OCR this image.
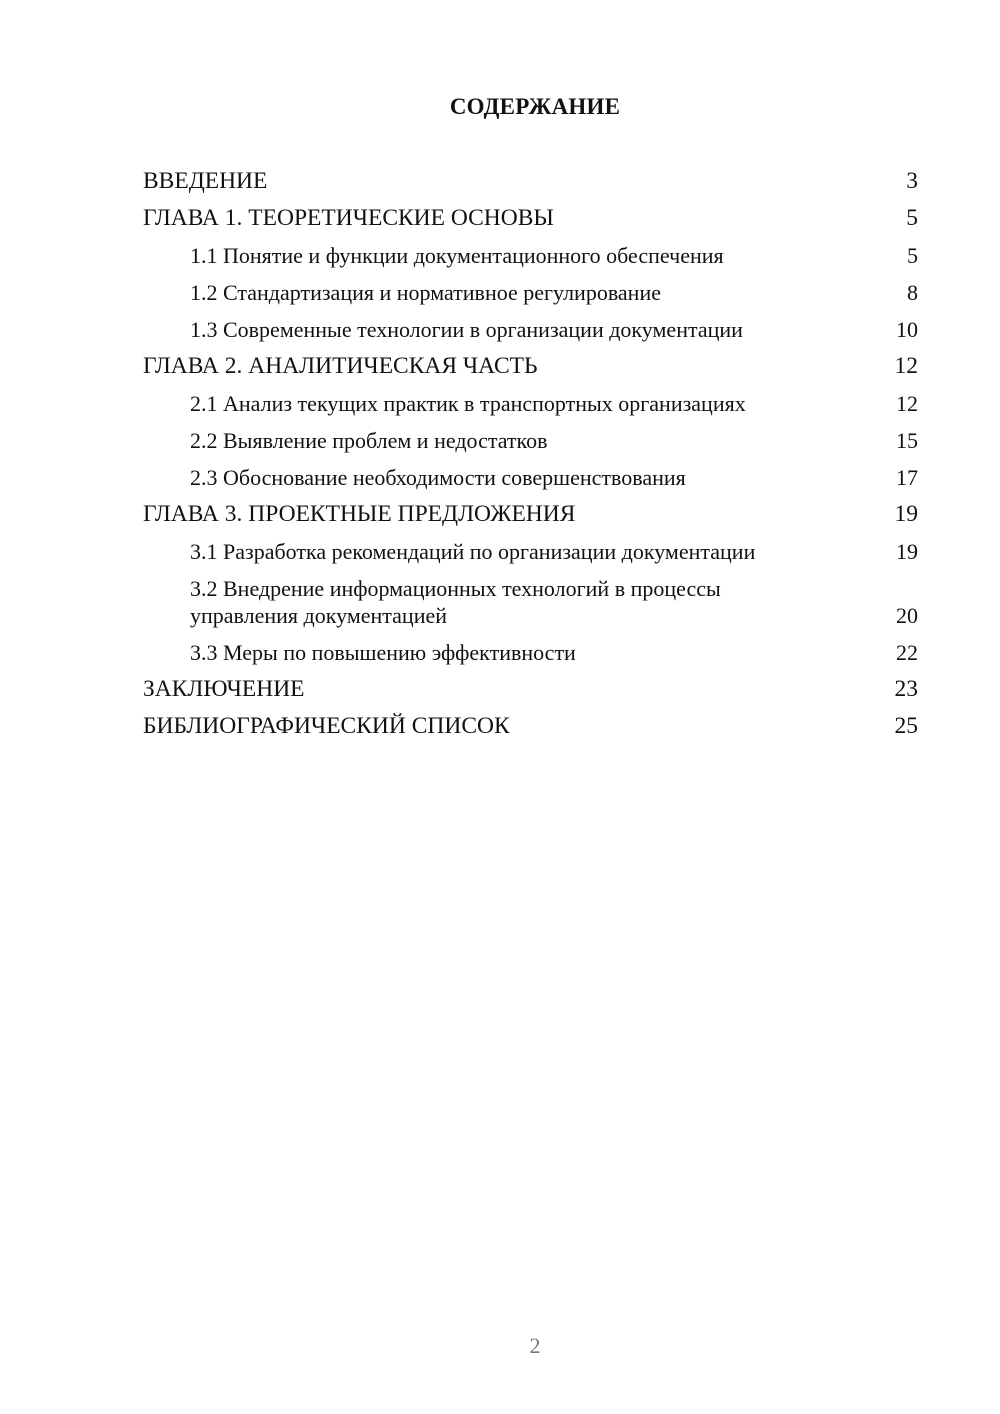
СОДЕРЖАНИЕ
ВВЕДЕНИЕ	3
ГЛАВА 1. ТЕОРЕТИЧЕСКИЕ ОСНОВЫ	5
1.1 Понятие и функции документационного обеспечения	5
1.2 Стандартизация и нормативное регулирование	8
1.3 Современные технологии в организации документации	10
ГЛАВА 2. АНАЛИТИЧЕСКАЯ ЧАСТЬ	12
2.1 Анализ текущих практик в транспортных организациях	12
2.2 Выявление проблем и недостатков	15
2.3 Обоснование необходимости совершенствования	17
ГЛАВА 3. ПРОЕКТНЫЕ ПРЕДЛОЖЕНИЯ	19
3.1 Разработка рекомендаций по организации документации	19
3.2 Внедрение информационных технологий в процессы управления документацией	20
3.3 Меры по повышению эффективности	22
ЗАКЛЮЧЕНИЕ	23
БИБЛИОГРАФИЧЕСКИЙ СПИСОК	25
2
